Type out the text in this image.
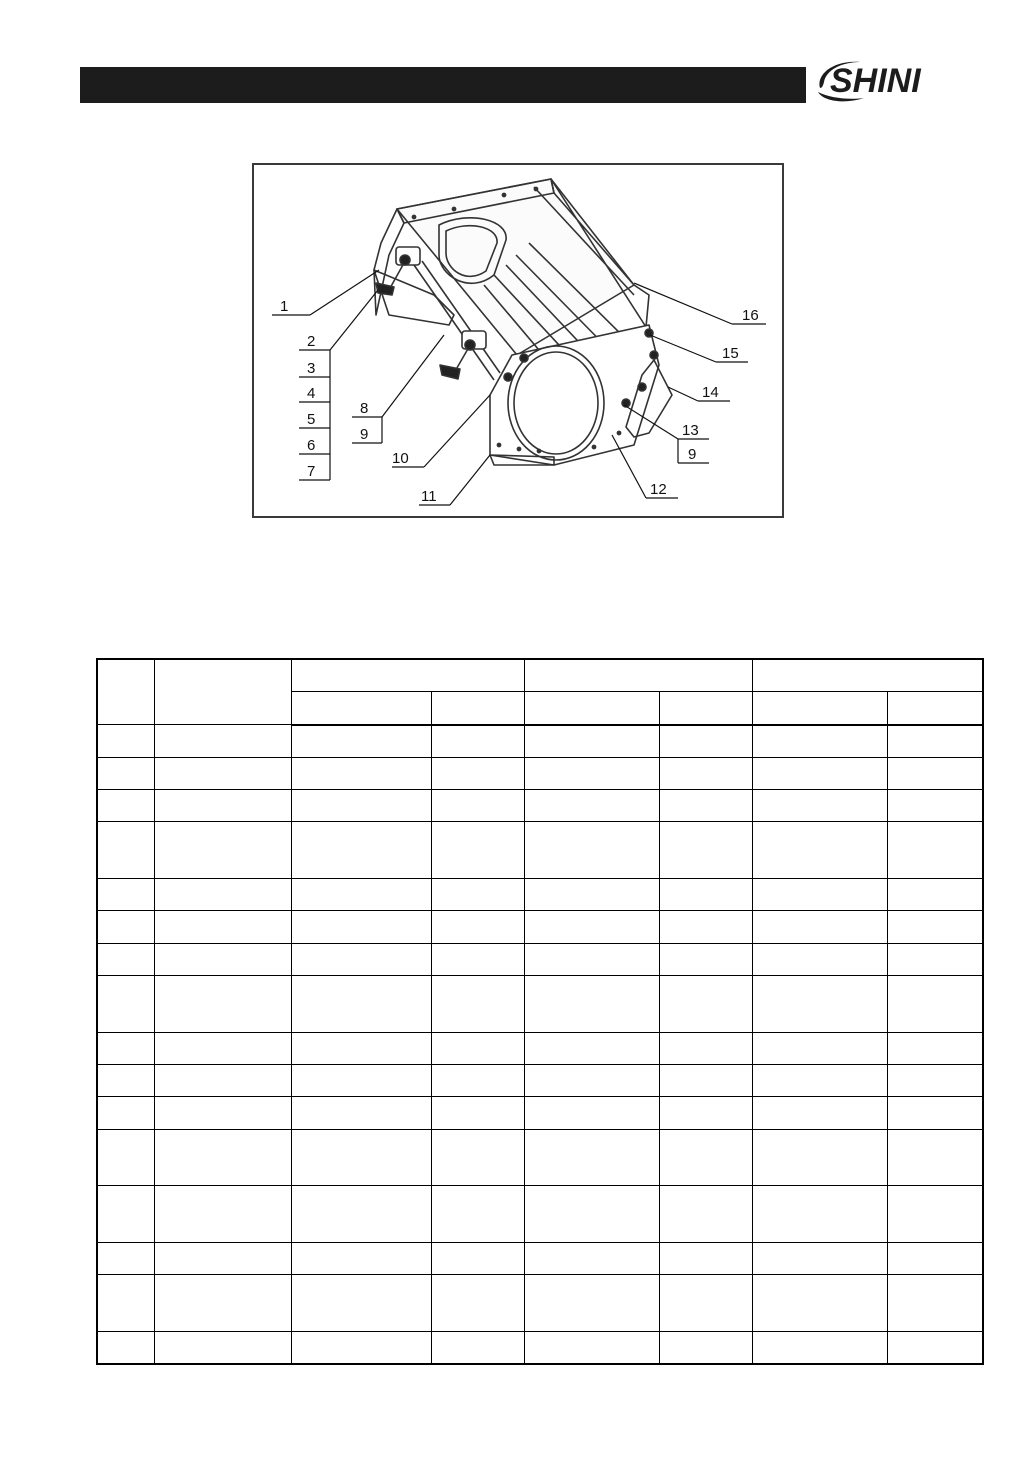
SHINI
1
2
3
4
5
6
7
8
9
10
11	12
13
9
14
15
16
